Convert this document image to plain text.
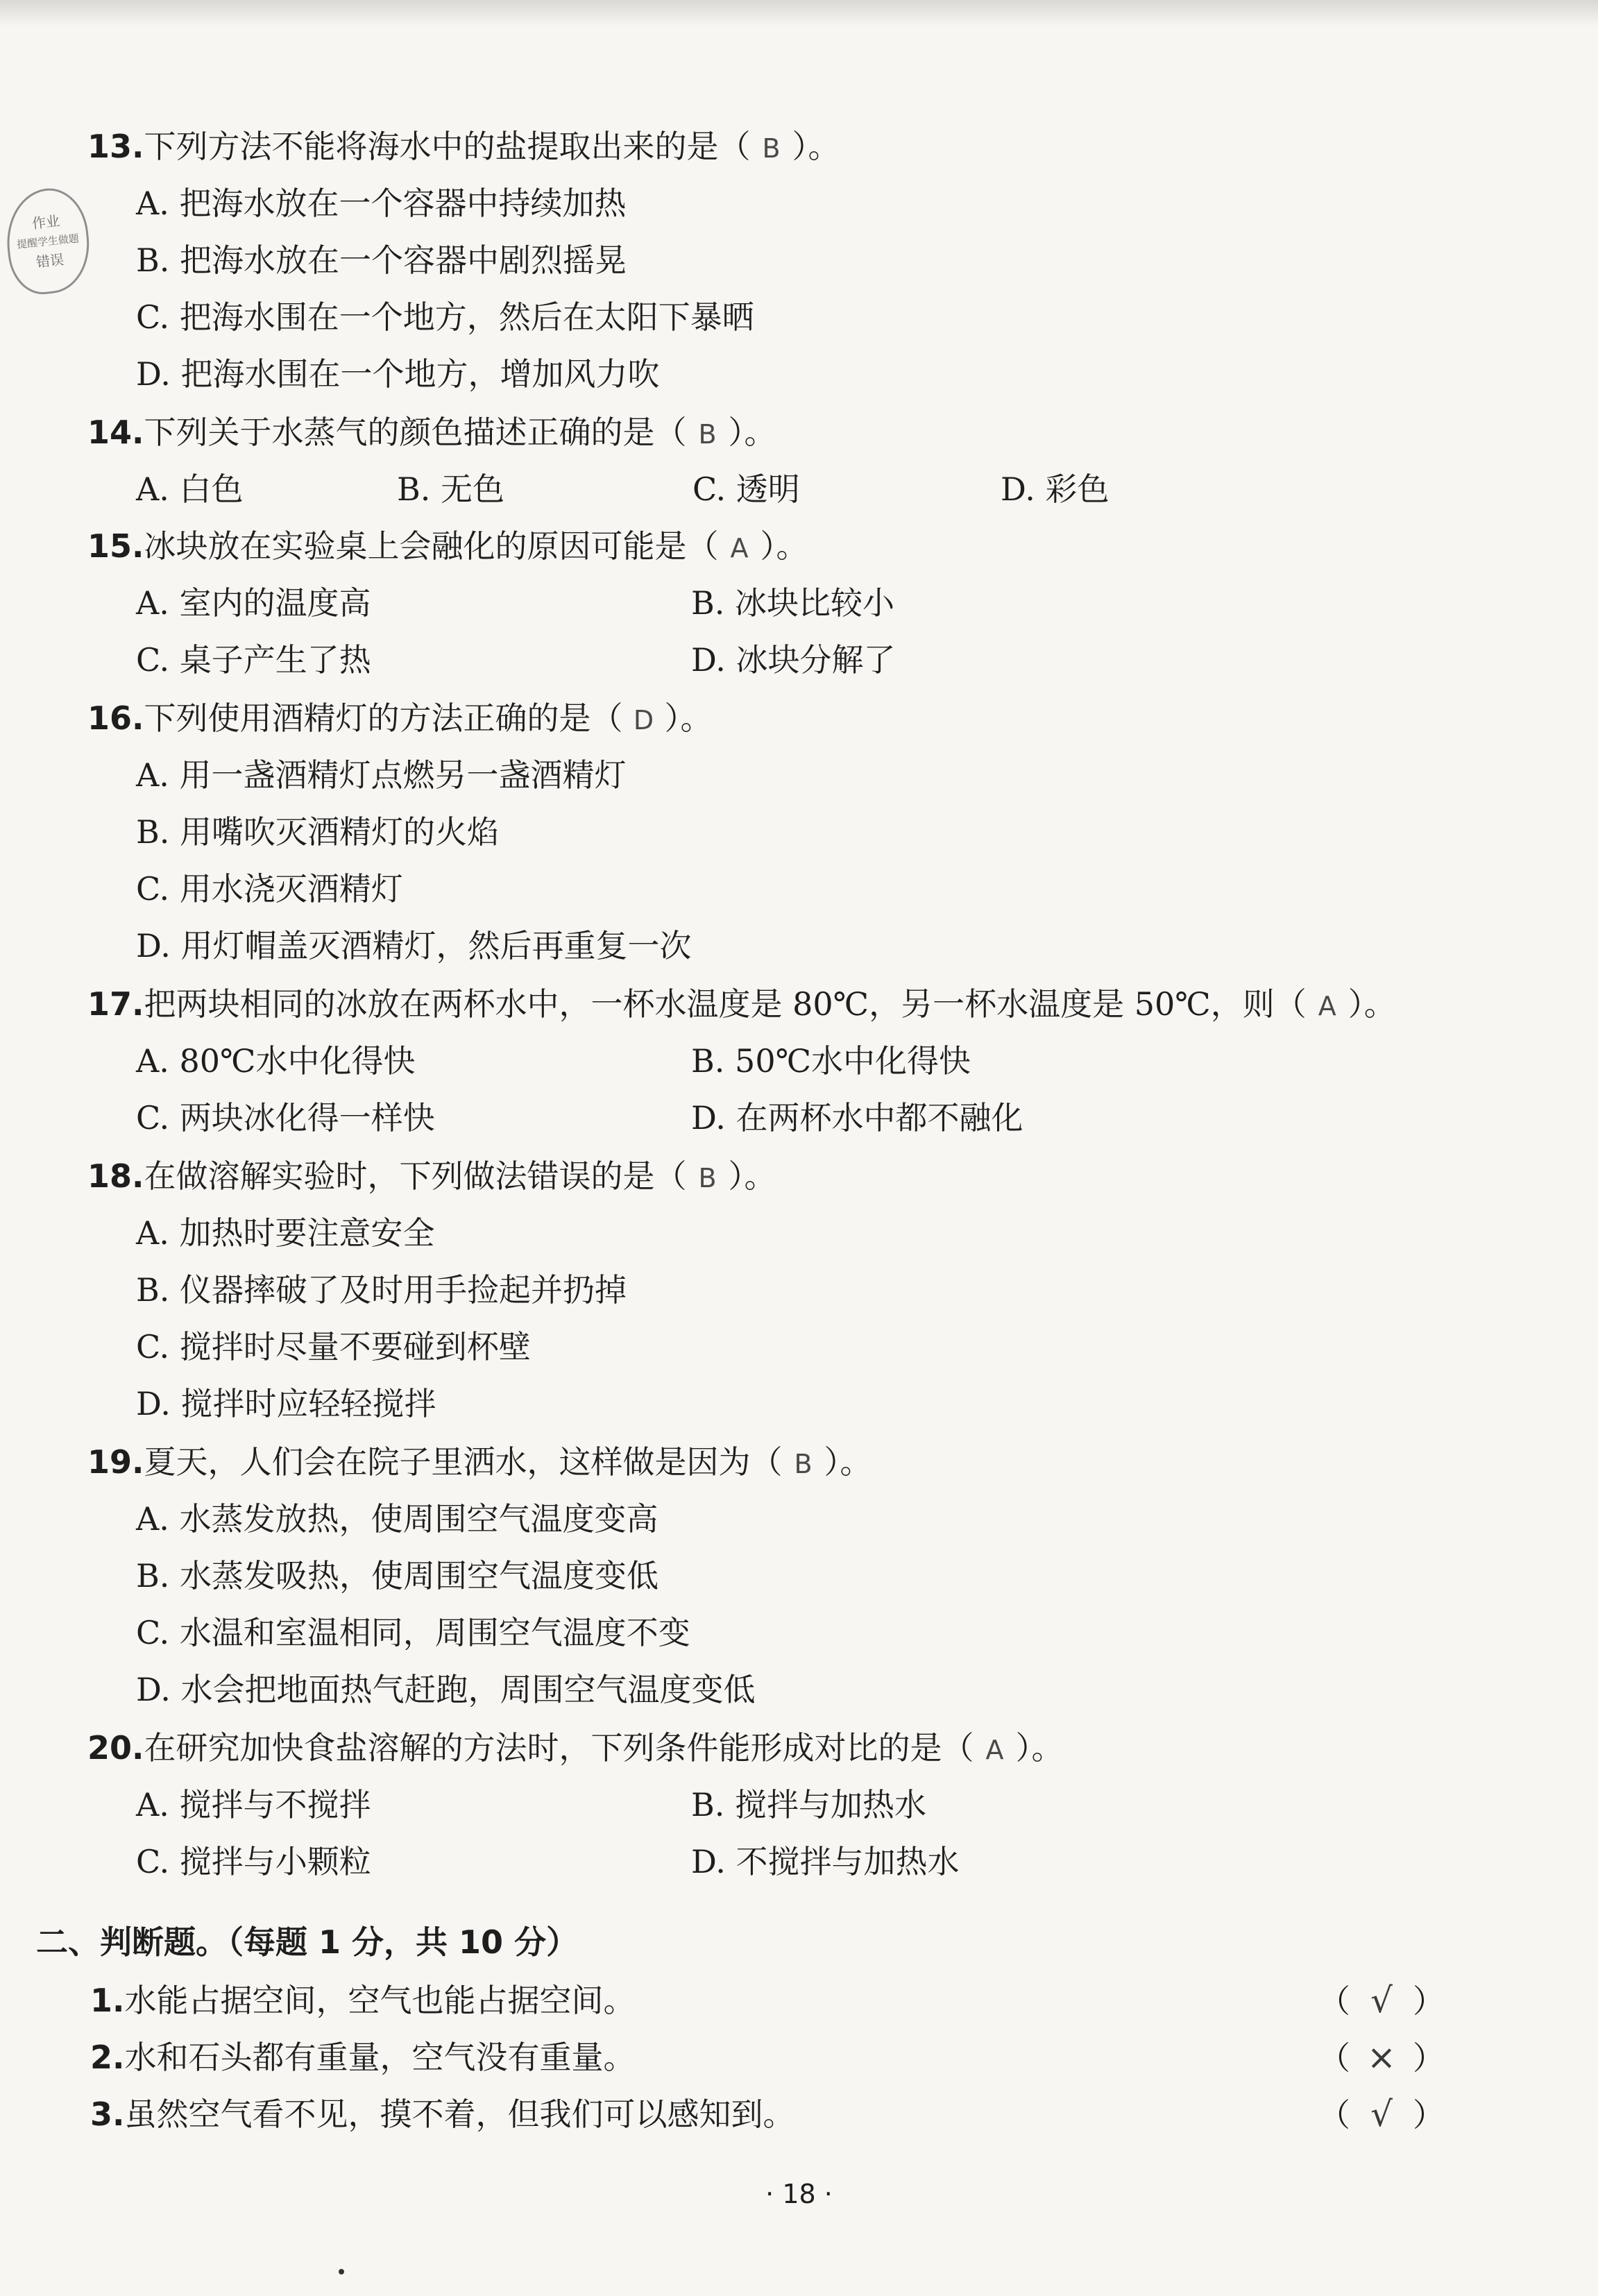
作业
提醒学生做题
错误
13.下列方法不能将海水中的盐提取出来的是（ B ）。
A. 把海水放在一个容器中持续加热
B. 把海水放在一个容器中剧烈摇晃
C. 把海水围在一个地方，然后在太阳下暴晒
D. 把海水围在一个地方，增加风力吹
14.下列关于水蒸气的颜色描述正确的是（ B ）。
A. 白色	B. 无色	C. 透明	D. 彩色
15.冰块放在实验桌上会融化的原因可能是（ A ）。
A. 室内的温度高	B. 冰块比较小
C. 桌子产生了热	D. 冰块分解了
16.下列使用酒精灯的方法正确的是（ D ）。
A. 用一盏酒精灯点燃另一盏酒精灯
B. 用嘴吹灭酒精灯的火焰
C. 用水浇灭酒精灯
D. 用灯帽盖灭酒精灯，然后再重复一次
17.把两块相同的冰放在两杯水中，一杯水温度是 80℃，另一杯水温度是 50℃，则（ A ）。
A. 80℃水中化得快	B. 50℃水中化得快
C. 两块冰化得一样快	D. 在两杯水中都不融化
18.在做溶解实验时，下列做法错误的是（ B ）。
A. 加热时要注意安全
B. 仪器摔破了及时用手捡起并扔掉
C. 搅拌时尽量不要碰到杯壁
D. 搅拌时应轻轻搅拌
19.夏天，人们会在院子里洒水，这样做是因为（ B ）。
A. 水蒸发放热，使周围空气温度变高
B. 水蒸发吸热，使周围空气温度变低
C. 水温和室温相同，周围空气温度不变
D. 水会把地面热气赶跑，周围空气温度变低
20.在研究加快食盐溶解的方法时，下列条件能形成对比的是（ A ）。
A. 搅拌与不搅拌	B. 搅拌与加热水
C. 搅拌与小颗粒	D. 不搅拌与加热水
二、判断题。（每题 1 分，共 10 分）
1.水能占据空间，空气也能占据空间。	（ √ ）
2.水和石头都有重量，空气没有重量。	（ × ）
3.虽然空气看不见，摸不着，但我们可以感知到。	（ √ ）
· 18 ·
